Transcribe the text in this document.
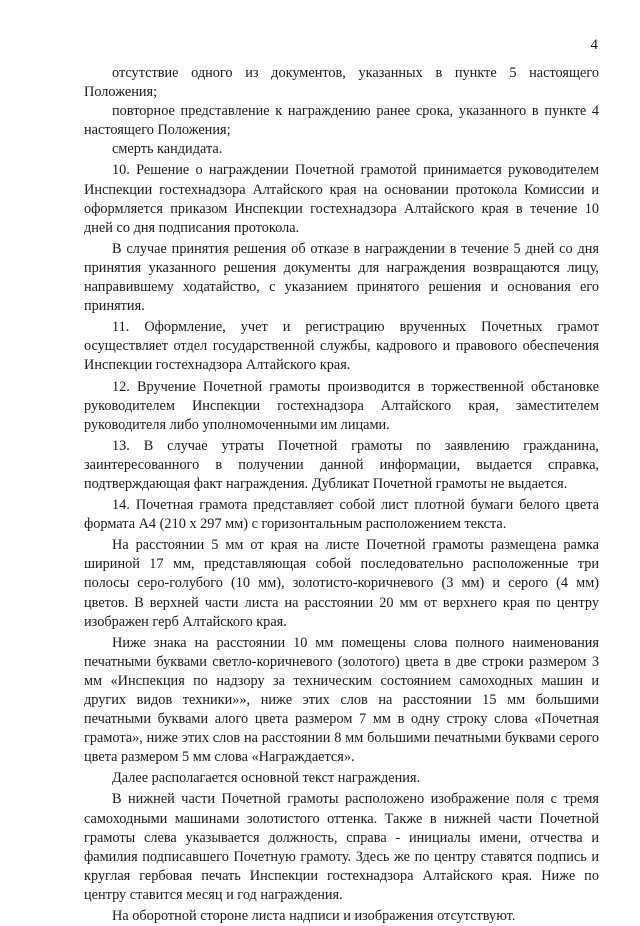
4

отсутствие одного из документов, указанных в пункте 5 настоящего Положения;

повторное представление к награждению ранее срока, указанного в пункте 4 настоящего Положения;

смерть кандидата.

10. Решение о награждении Почетной грамотой принимается руководителем Инспекции гостехнадзора Алтайского края на основании протокола Комиссии и оформляется приказом Инспекции гостехнадзора Алтайского края в течение 10 дней со дня подписания протокола.

В случае принятия решения об отказе в награждении в течение 5 дней со дня принятия указанного решения документы для награждения возвращаются лицу, направившему ходатайство, с указанием принятого решения и основания его принятия.

11. Оформление, учет и регистрацию врученных Почетных грамот осуществляет отдел государственной службы, кадрового и правового обеспечения Инспекции гостехнадзора Алтайского края.

12. Вручение Почетной грамоты производится в торжественной обстановке руководителем Инспекции гостехнадзора Алтайского края, заместителем руководителя либо уполномоченными им лицами.

13. В случае утраты Почетной грамоты по заявлению гражданина, заинтересованного в получении данной информации, выдается справка, подтверждающая факт награждения. Дубликат Почетной грамоты не выдается.

14. Почетная грамота представляет собой лист плотной бумаги белого цвета формата А4 (210 х 297 мм) с горизонтальным расположением текста.

На расстоянии 5 мм от края на листе Почетной грамоты размещена рамка шириной 17 мм, представляющая собой последовательно расположенные три полосы серо-голубого (10 мм), золотисто-коричневого (3 мм) и серого (4 мм) цветов. В верхней части листа на расстоянии 20 мм от верхнего края по центру изображен герб Алтайского края.

Ниже знака на расстоянии 10 мм помещены слова полного наименования печатными буквами светло-коричневого (золотого) цвета в две строки размером 3 мм «Инспекция по надзору за техническим состоянием самоходных машин и других видов техники»», ниже этих слов на расстоянии 15 мм большими печатными буквами алого цвета размером 7 мм в одну строку слова «Почетная грамота», ниже этих слов на расстоянии 8 мм большими печатными буквами серого цвета размером 5 мм слова «Награждается».

Далее располагается основной текст награждения.

В нижней части Почетной грамоты расположено изображение поля с тремя самоходными машинами золотистого оттенка. Также в нижней части Почетной грамоты слева указывается должность, справа - инициалы имени, отчества и фамилия подписавшего Почетную грамоту. Здесь же по центру ставятся подпись и круглая гербовая печать Инспекции гостехнадзора Алтайского края. Ниже по центру ставится месяц и год награждения.

На оборотной стороне листа надписи и изображения отсутствуют.
